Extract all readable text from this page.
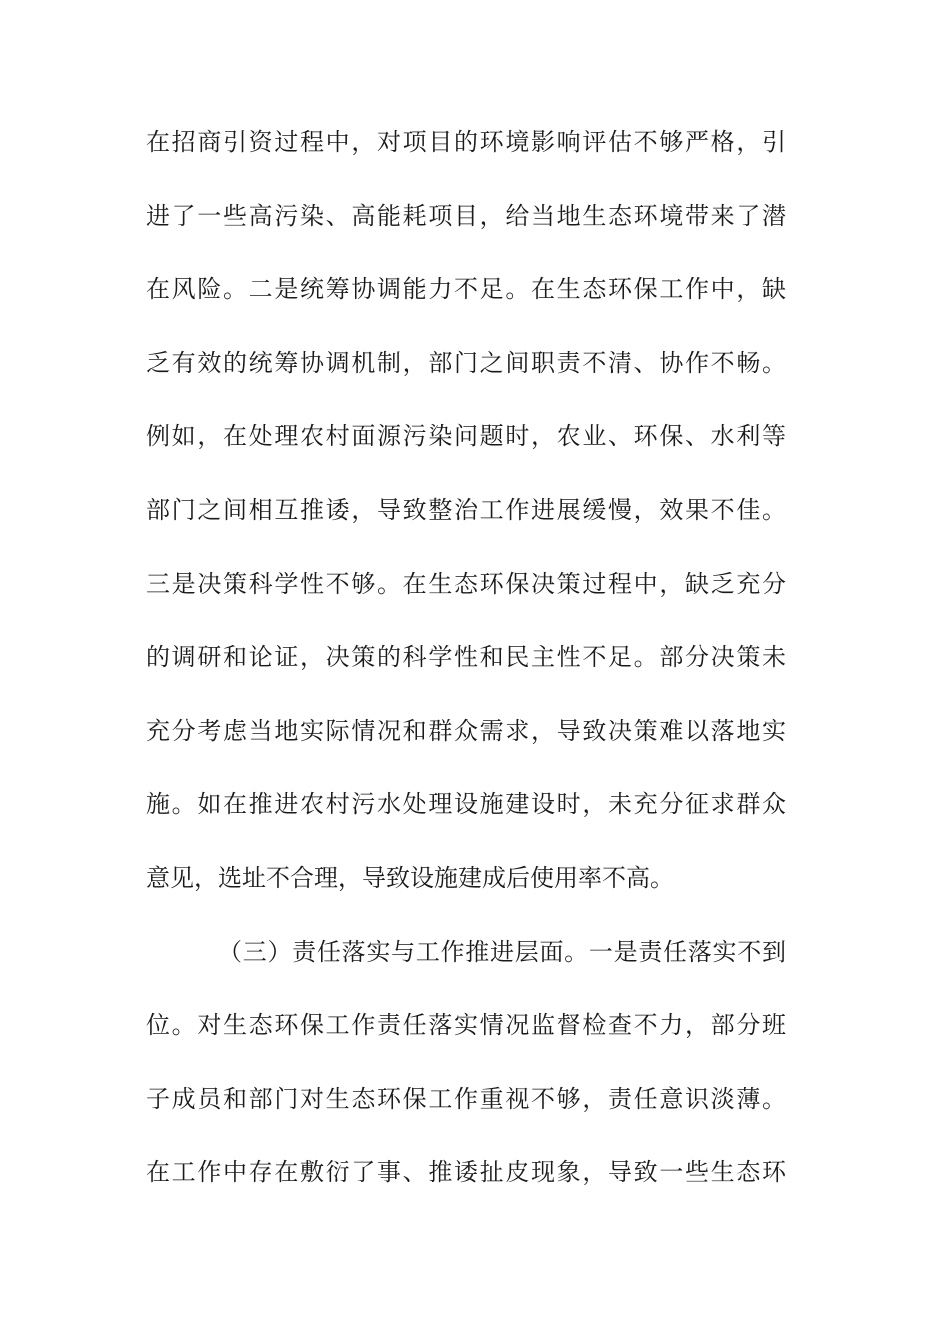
在招商引资过程中，对项目的环境影响评估不够严格，引
进了一些高污染、高能耗项目，给当地生态环境带来了潜
在风险。二是统筹协调能力不足。在生态环保工作中，缺
乏有效的统筹协调机制，部门之间职责不清、协作不畅。
例如，在处理农村面源污染问题时，农业、环保、水利等
部门之间相互推诿，导致整治工作进展缓慢，效果不佳。
三是决策科学性不够。在生态环保决策过程中，缺乏充分
的调研和论证，决策的科学性和民主性不足。部分决策未
充分考虑当地实际情况和群众需求，导致决策难以落地实
施。如在推进农村污水处理设施建设时，未充分征求群众
意见，选址不合理，导致设施建成后使用率不高。
（三）责任落实与工作推进层面。一是责任落实不到
位。对生态环保工作责任落实情况监督检查不力，部分班
子成员和部门对生态环保工作重视不够，责任意识淡薄。
在工作中存在敷衍了事、推诿扯皮现象，导致一些生态环
